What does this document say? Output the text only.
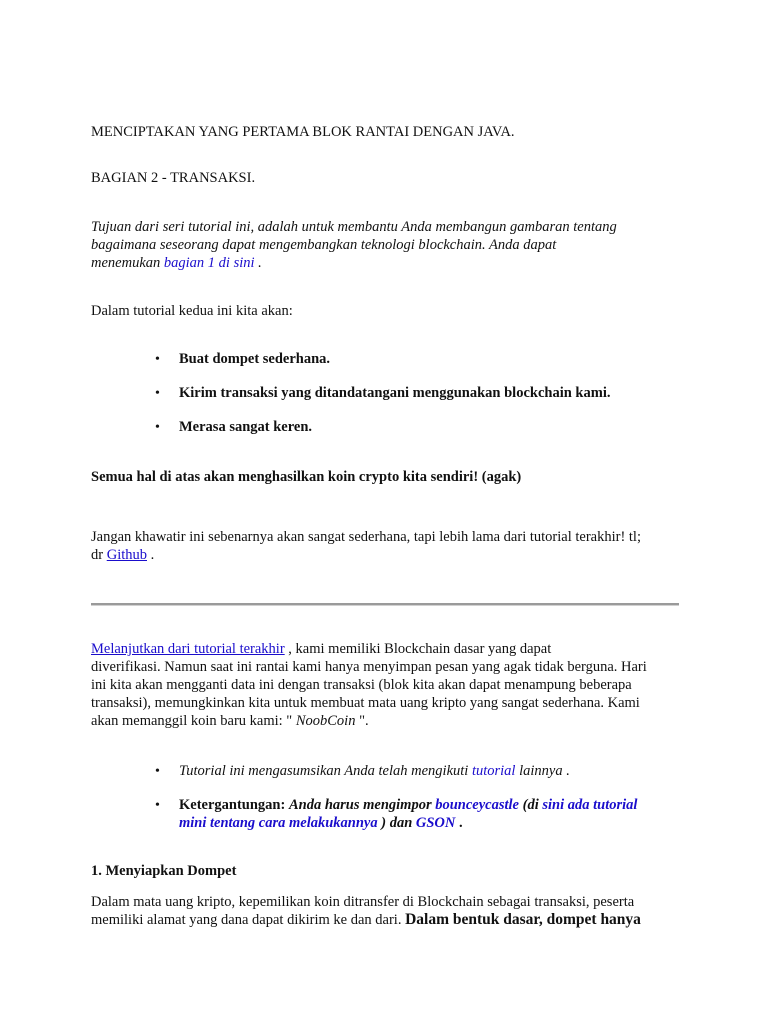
MENCIPTAKAN YANG PERTAMA BLOK RANTAI DENGAN JAVA.
BAGIAN 2 - TRANSAKSI.
Tujuan dari seri tutorial ini, adalah untuk membantu Anda membangun gambaran tentang
bagaimana seseorang dapat mengembangkan teknologi blockchain. Anda dapat
menemukan bagian 1 di sini .
Dalam tutorial kedua ini kita akan:
•	Buat dompet sederhana.
•	Kirim transaksi yang ditandatangani menggunakan blockchain kami.
•	Merasa sangat keren.
Semua hal di atas akan menghasilkan koin crypto kita sendiri! (agak)
Jangan khawatir ini sebenarnya akan sangat sederhana, tapi lebih lama dari tutorial terakhir! tl;
dr Github .
Melanjutkan dari tutorial terakhir , kami memiliki Blockchain dasar yang dapat
diverifikasi. Namun saat ini rantai kami hanya menyimpan pesan yang agak tidak berguna. Hari
ini kita akan mengganti data ini dengan transaksi (blok kita akan dapat menampung beberapa
transaksi), memungkinkan kita untuk membuat mata uang kripto yang sangat sederhana. Kami
akan memanggil koin baru kami: " NoobCoin ".
•	Tutorial ini mengasumsikan Anda telah mengikuti tutorial lainnya .
•	Ketergantungan: Anda harus mengimpor bounceycastle (di sini ada tutorial
mini tentang cara melakukannya ) dan GSON .
1. Menyiapkan Dompet
Dalam mata uang kripto, kepemilikan koin ditransfer di Blockchain sebagai transaksi, peserta
memiliki alamat yang dana dapat dikirim ke dan dari. Dalam bentuk dasar, dompet hanya
